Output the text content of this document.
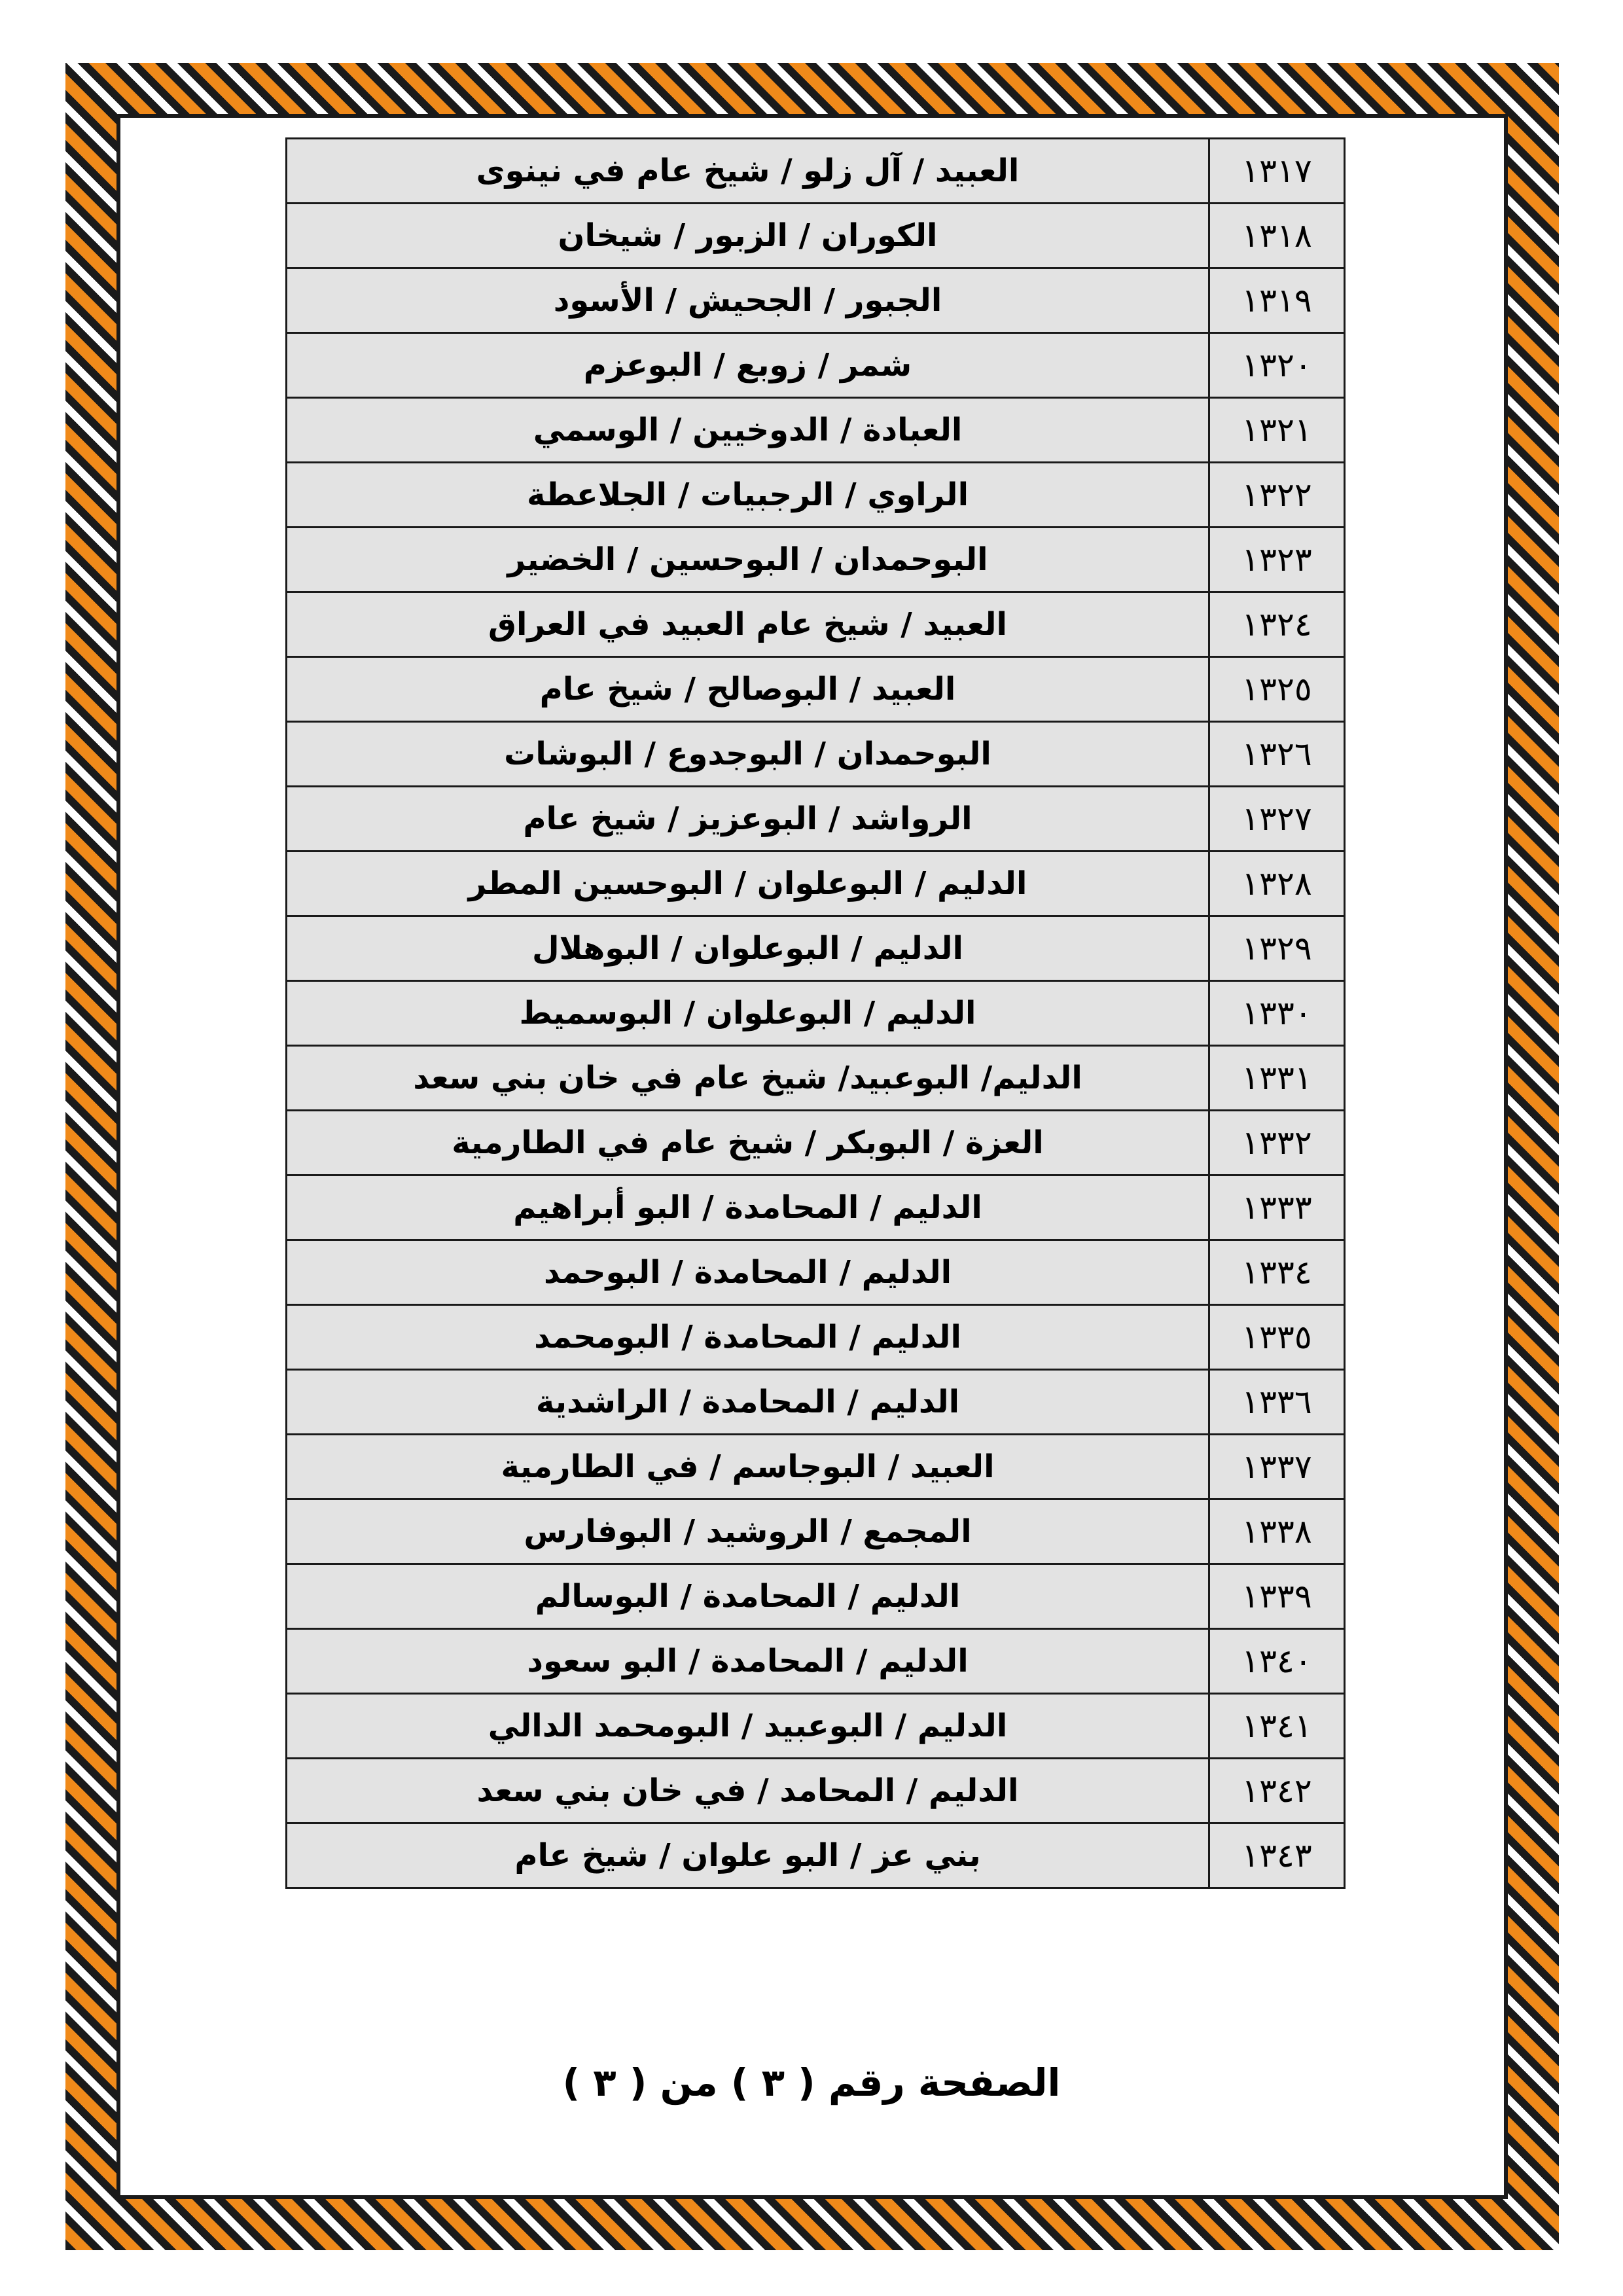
١٣١٧	العبيد / آل زلو / شيخ عام في نينوى
١٣١٨	الكوران / الزبور / شيخان
١٣١٩	الجبور / الجحيش / الأسود
١٣٢٠	شمر / زوبع / البوعزم
١٣٢١	العبادة / الدوخيين / الوسمي
١٣٢٢	الراوي / الرجبيات / الجلاعطة
١٣٢٣	البوحمدان / البوحسين / الخضير
١٣٢٤	العبيد / شيخ عام العبيد في العراق
١٣٢٥	العبيد / البوصالح / شيخ عام
١٣٢٦	البوحمدان / البوجدوع / البوشات
١٣٢٧	الرواشد / البوعزيز / شيخ عام
١٣٢٨	الدليم / البوعلوان / البوحسين المطر
١٣٢٩	الدليم / البوعلوان / البوهلال
١٣٣٠	الدليم / البوعلوان / البوسميط
١٣٣١	الدليم/ البوعبيد/ شيخ عام في خان بني سعد
١٣٣٢	العزة / البوبكر / شيخ عام في الطارمية
١٣٣٣	الدليم / المحامدة / البو أبراهيم
١٣٣٤	الدليم / المحامدة / البوحمد
١٣٣٥	الدليم / المحامدة / البومحمد
١٣٣٦	الدليم / المحامدة / الراشدية
١٣٣٧	العبيد / البوجاسم / في الطارمية
١٣٣٨	المجمع / الروشيد / البوفارس
١٣٣٩	الدليم / المحامدة / البوسالم
١٣٤٠	الدليم / المحامدة / البو سعود
١٣٤١	الدليم / البوعبيد / البومحمد الدالي
١٣٤٢	الدليم / المحامد / في خان بني سعد
١٣٤٣	بني عز / البو علوان / شيخ عام
الصفحة رقم ( ٣ ) من ( ٣ )
